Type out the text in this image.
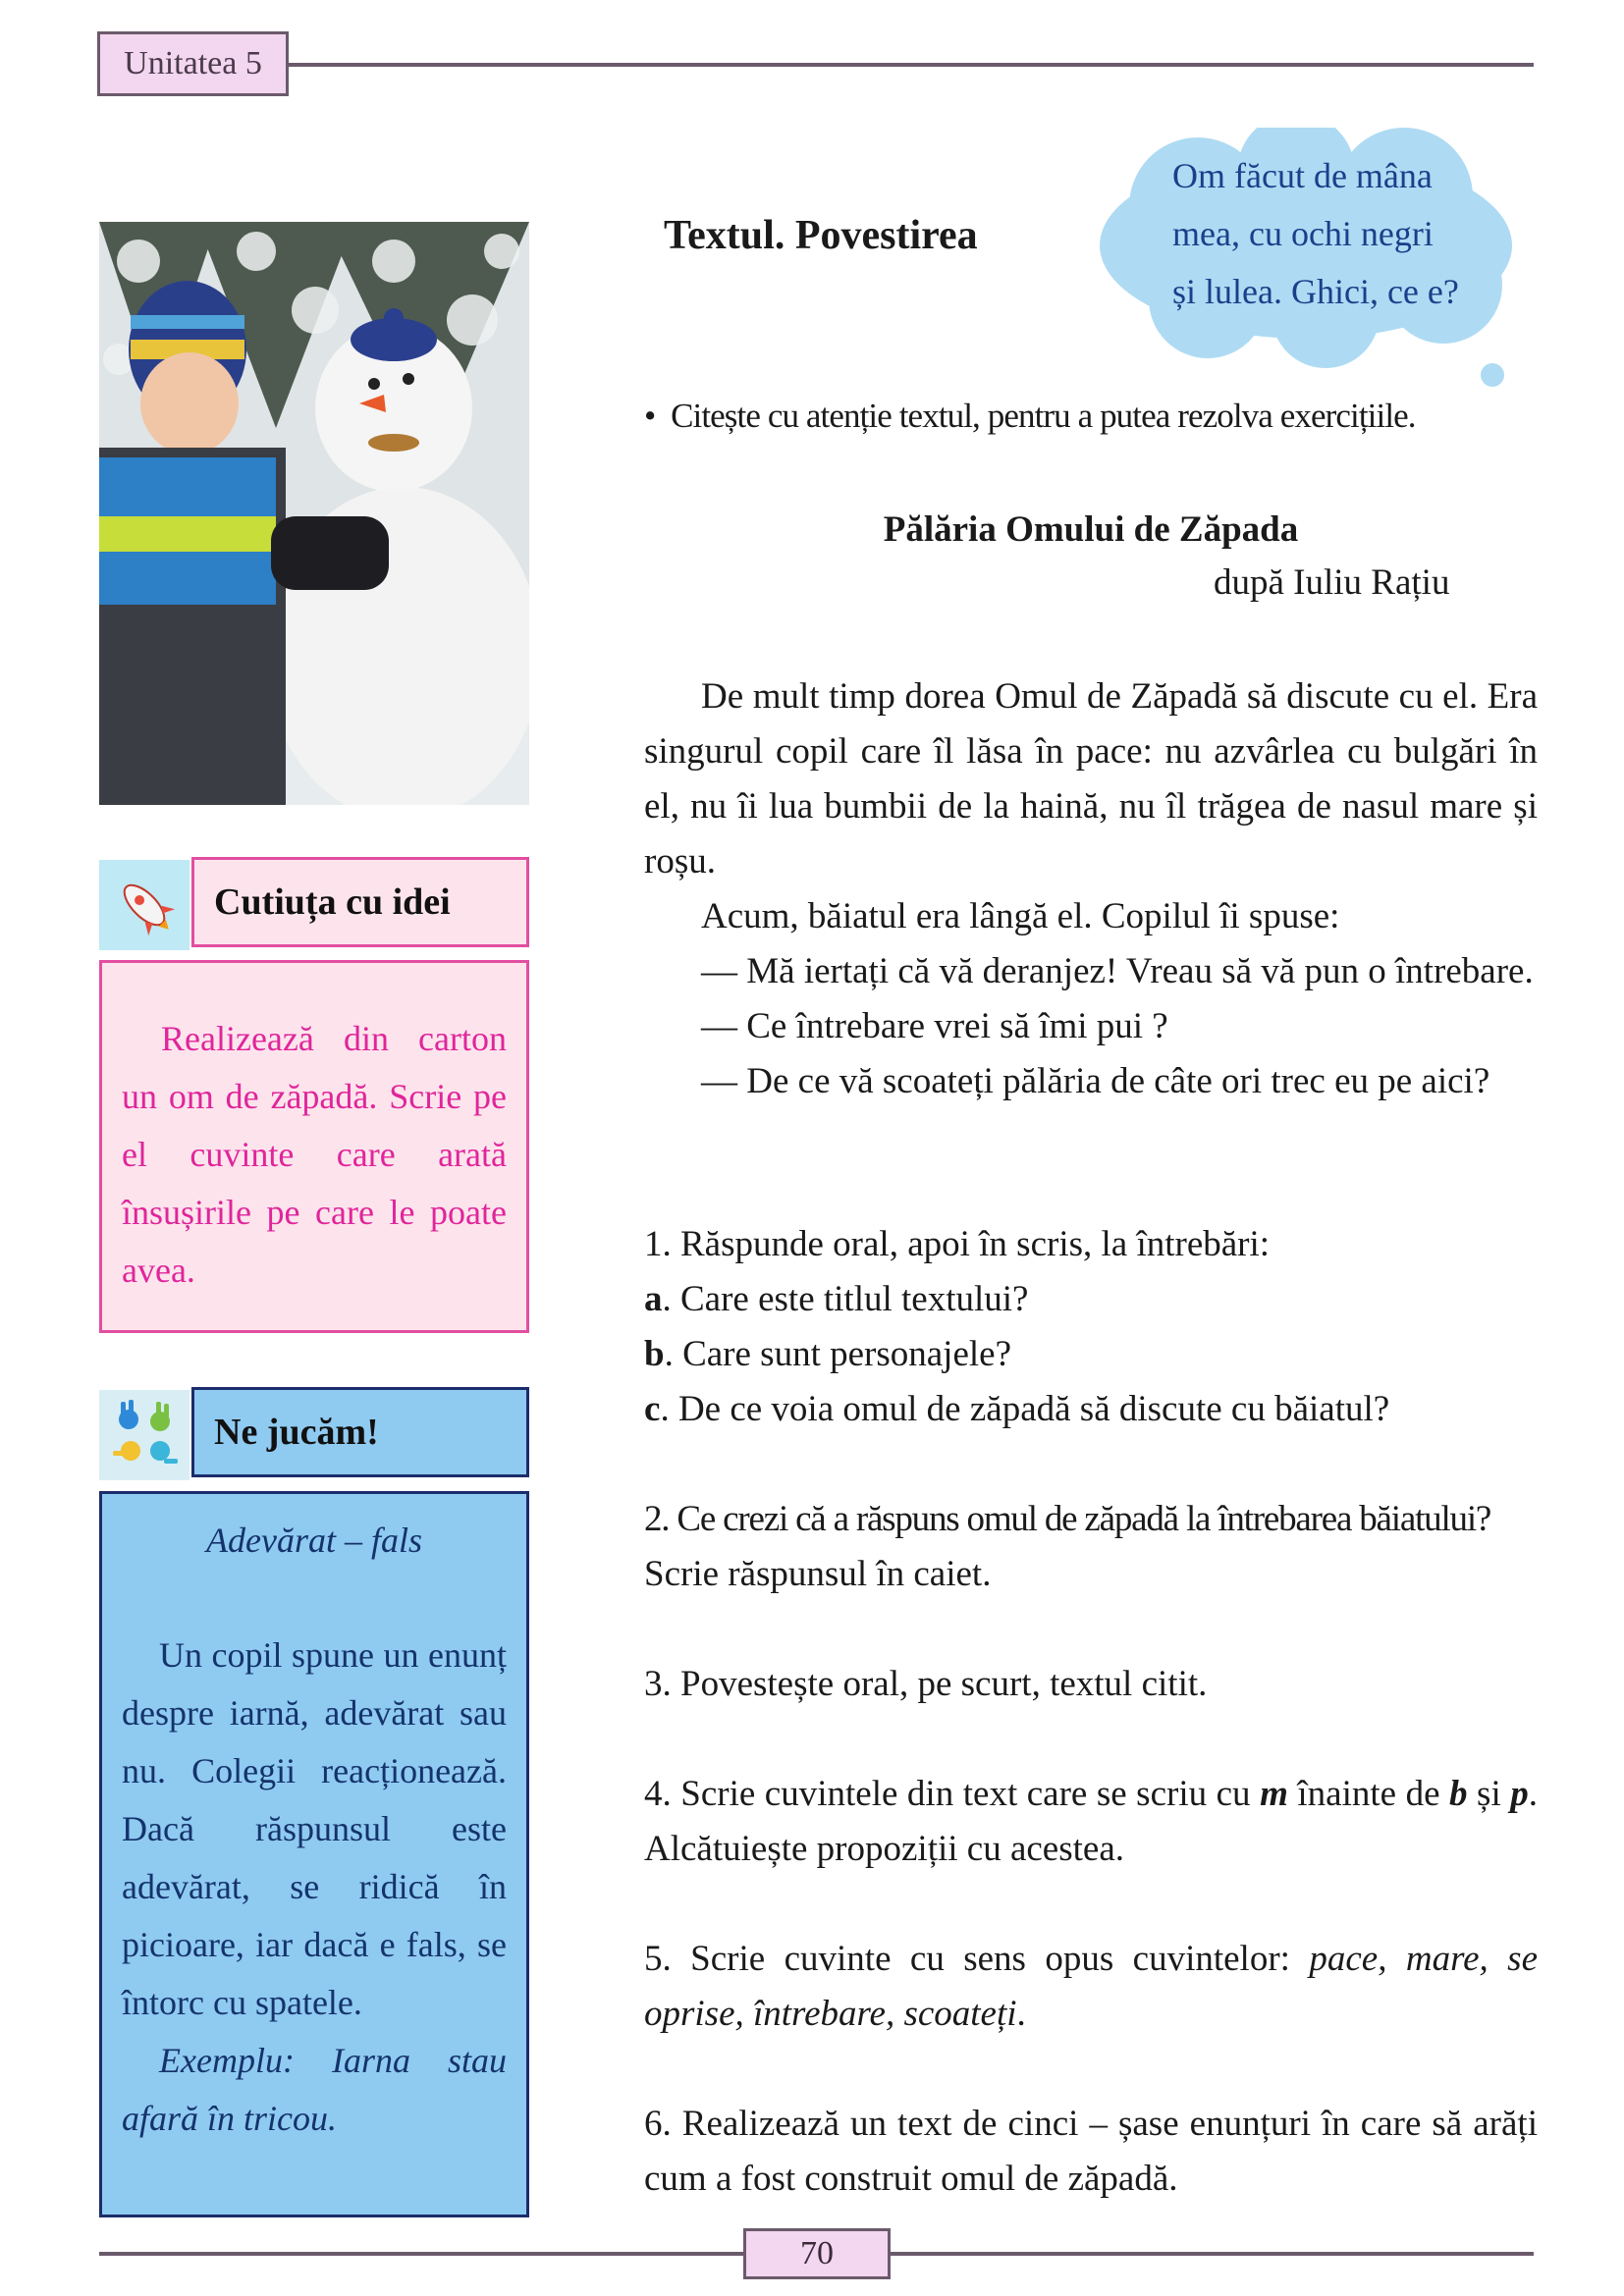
Unitatea 5
Om făcut de mâna
mea, cu ochi negri
și lulea. Ghici, ce e?
Textul. Povestirea
•  Citește cu atenție textul, pentru a putea rezolva exercițiile.
Pălăria Omului de Zăpada
după Iuliu Rațiu

De mult timp dorea Omul de Zăpadă să discute cu el. Era singurul copil care îl lăsa în pace: nu azvârlea cu bulgări în el, nu îi lua bumbii de la haină, nu îl trăgea de nasul mare și roșu.

Acum, băiatul era lângă el. Copilul îi spuse:

— Mă iertați că vă deranjez! Vreau să vă pun o întrebare.

— Ce întrebare vrei să îmi pui ?

— De ce vă scoateți pălăria de câte ori trec eu pe aici?

1. Răspunde oral, apoi în scris, la întrebări:

a. Care este titlul textului?

b. Care sunt personajele?

c. De ce voia omul de zăpadă să discute cu băiatul?

2. Ce crezi că a răspuns omul de zăpadă la întrebarea băiatului?

Scrie răspunsul în caiet.

3. Povestește oral, pe scurt, textul citit.

4. Scrie cuvintele din text care se scriu cu m înainte de b și p. Alcătuiește propoziții cu acestea.

5. Scrie cuvinte cu sens opus cuvintelor: pace, mare, se oprise, întrebare, scoateți.

6. Realizează un text de cinci – șase enunțuri în care să arăți cum a fost construit omul de zăpadă.

Cutiuța cu idei
Realizează din carton un om de zăpadă. Scrie pe el cuvinte care arată însușirile pe care le poate avea.
Ne jucăm!
Adevărat – fals
Un copil spune un enunț despre iarnă, adevărat sau nu. Colegii reacționează. Dacă răspunsul este adevărat, se ridică în picioare, iar dacă e fals, se întorc cu spatele.
Exemplu: Iarna stau afară în tricou.
70
